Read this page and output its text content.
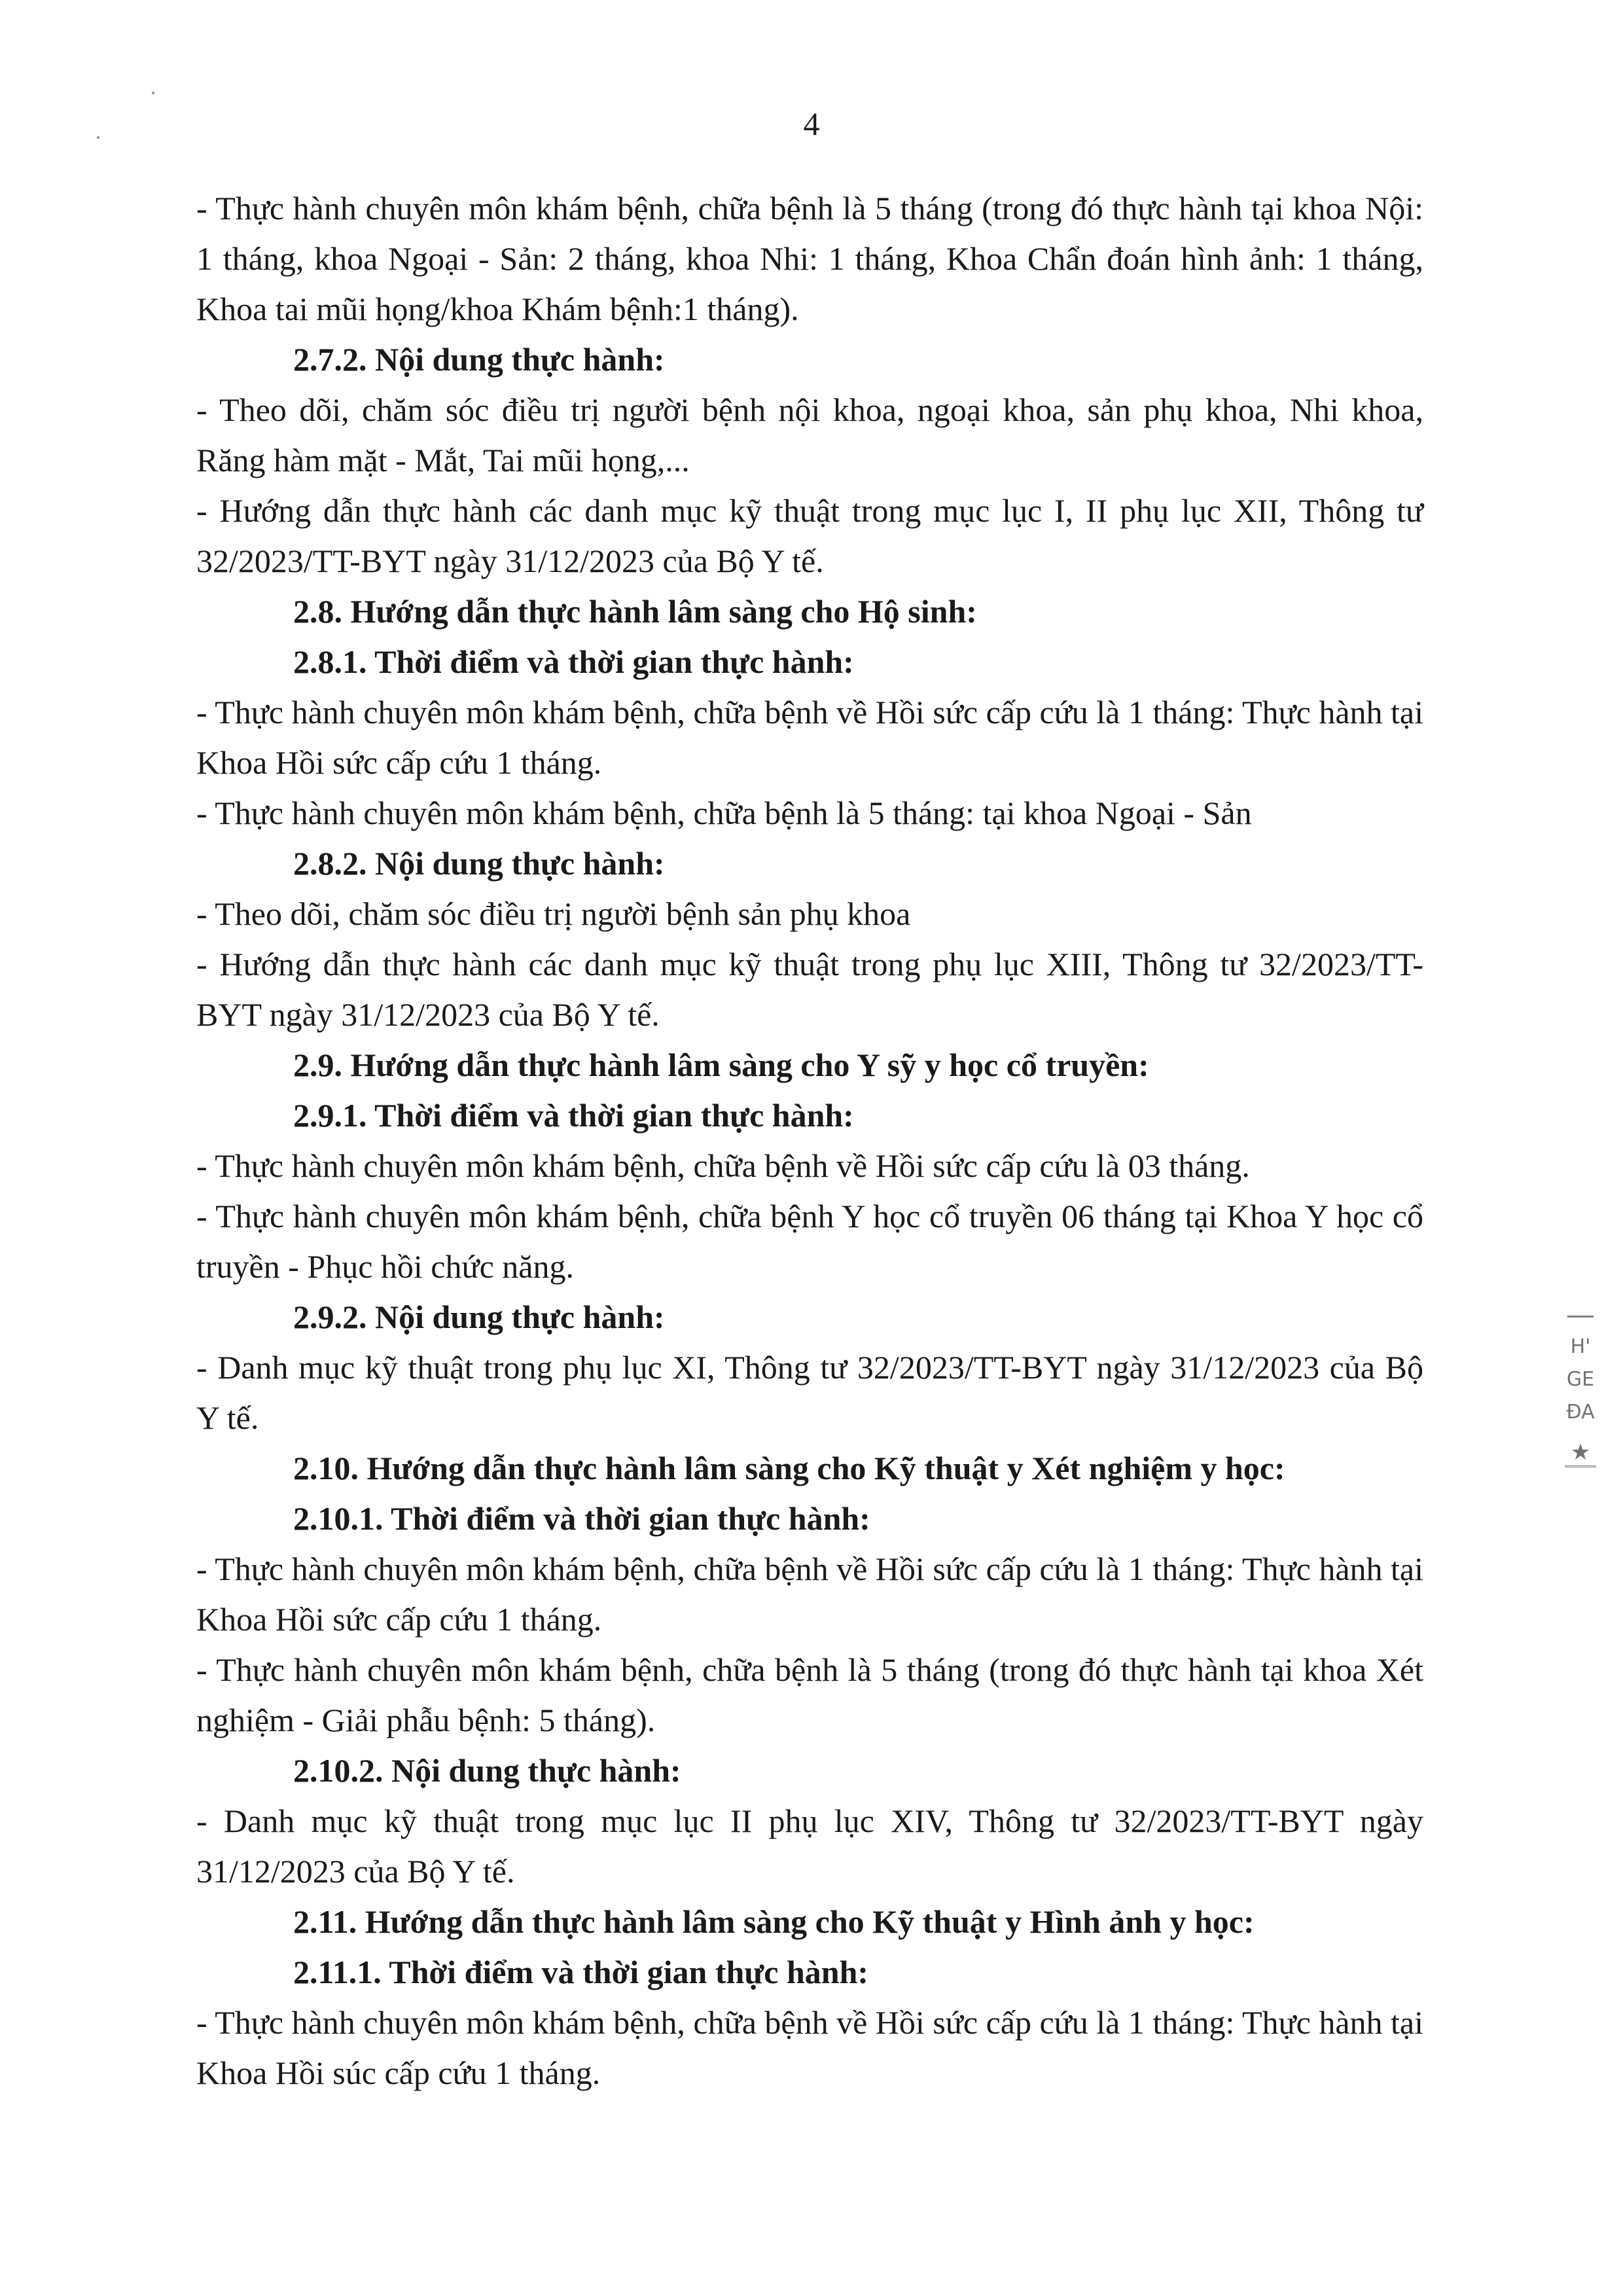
4

- Thực hành chuyên môn khám bệnh, chữa bệnh là 5 tháng (trong đó thực hành tại khoa Nội: 1 tháng, khoa Ngoại - Sản: 2 tháng, khoa Nhi: 1 tháng, Khoa Chẩn đoán hình ảnh: 1 tháng, Khoa tai mũi họng/khoa Khám bệnh:1 tháng).

2.7.2. Nội dung thực hành:

- Theo dõi, chăm sóc điều trị người bệnh nội khoa, ngoại khoa, sản phụ khoa, Nhi khoa, Răng hàm mặt - Mắt, Tai mũi họng,...

- Hướng dẫn thực hành các danh mục kỹ thuật trong mục lục I, II phụ lục XII, Thông tư 32/2023/TT-BYT ngày 31/12/2023 của Bộ Y tế.

2.8. Hướng dẫn thực hành lâm sàng cho Hộ sinh:

2.8.1. Thời điểm và thời gian thực hành:

- Thực hành chuyên môn khám bệnh, chữa bệnh về Hồi sức cấp cứu là 1 tháng: Thực hành tại Khoa Hồi sức cấp cứu 1 tháng.

- Thực hành chuyên môn khám bệnh, chữa bệnh là 5 tháng: tại khoa Ngoại - Sản

2.8.2. Nội dung thực hành:

- Theo dõi, chăm sóc điều trị người bệnh sản phụ khoa

- Hướng dẫn thực hành các danh mục kỹ thuật trong phụ lục XIII, Thông tư 32/2023/TT-BYT ngày 31/12/2023 của Bộ Y tế.

2.9. Hướng dẫn thực hành lâm sàng cho Y sỹ y học cổ truyền:

2.9.1. Thời điểm và thời gian thực hành:

- Thực hành chuyên môn khám bệnh, chữa bệnh về Hồi sức cấp cứu là 03 tháng.

- Thực hành chuyên môn khám bệnh, chữa bệnh Y học cổ truyền 06 tháng tại Khoa Y học cổ truyền - Phục hồi chức năng.

2.9.2. Nội dung thực hành:

- Danh mục kỹ thuật trong phụ lục XI, Thông tư 32/2023/TT-BYT ngày 31/12/2023 của Bộ Y tế.

2.10. Hướng dẫn thực hành lâm sàng cho Kỹ thuật y Xét nghiệm y học:

2.10.1. Thời điểm và thời gian thực hành:

- Thực hành chuyên môn khám bệnh, chữa bệnh về Hồi sức cấp cứu là 1 tháng: Thực hành tại Khoa Hồi sức cấp cứu 1 tháng.

- Thực hành chuyên môn khám bệnh, chữa bệnh là 5 tháng (trong đó thực hành tại khoa Xét nghiệm - Giải phẫu bệnh: 5 tháng).

2.10.2. Nội dung thực hành:

- Danh mục kỹ thuật trong mục lục II phụ lục XIV, Thông tư 32/2023/TT-BYT ngày 31/12/2023 của Bộ Y tế.

2.11. Hướng dẫn thực hành lâm sàng cho Kỹ thuật y Hình ảnh y học:

2.11.1. Thời điểm và thời gian thực hành:

- Thực hành chuyên môn khám bệnh, chữa bệnh về Hồi sức cấp cứu là 1 tháng: Thực hành tại Khoa Hồi súc cấp cứu 1 tháng.

H'
GE
ĐA
★
